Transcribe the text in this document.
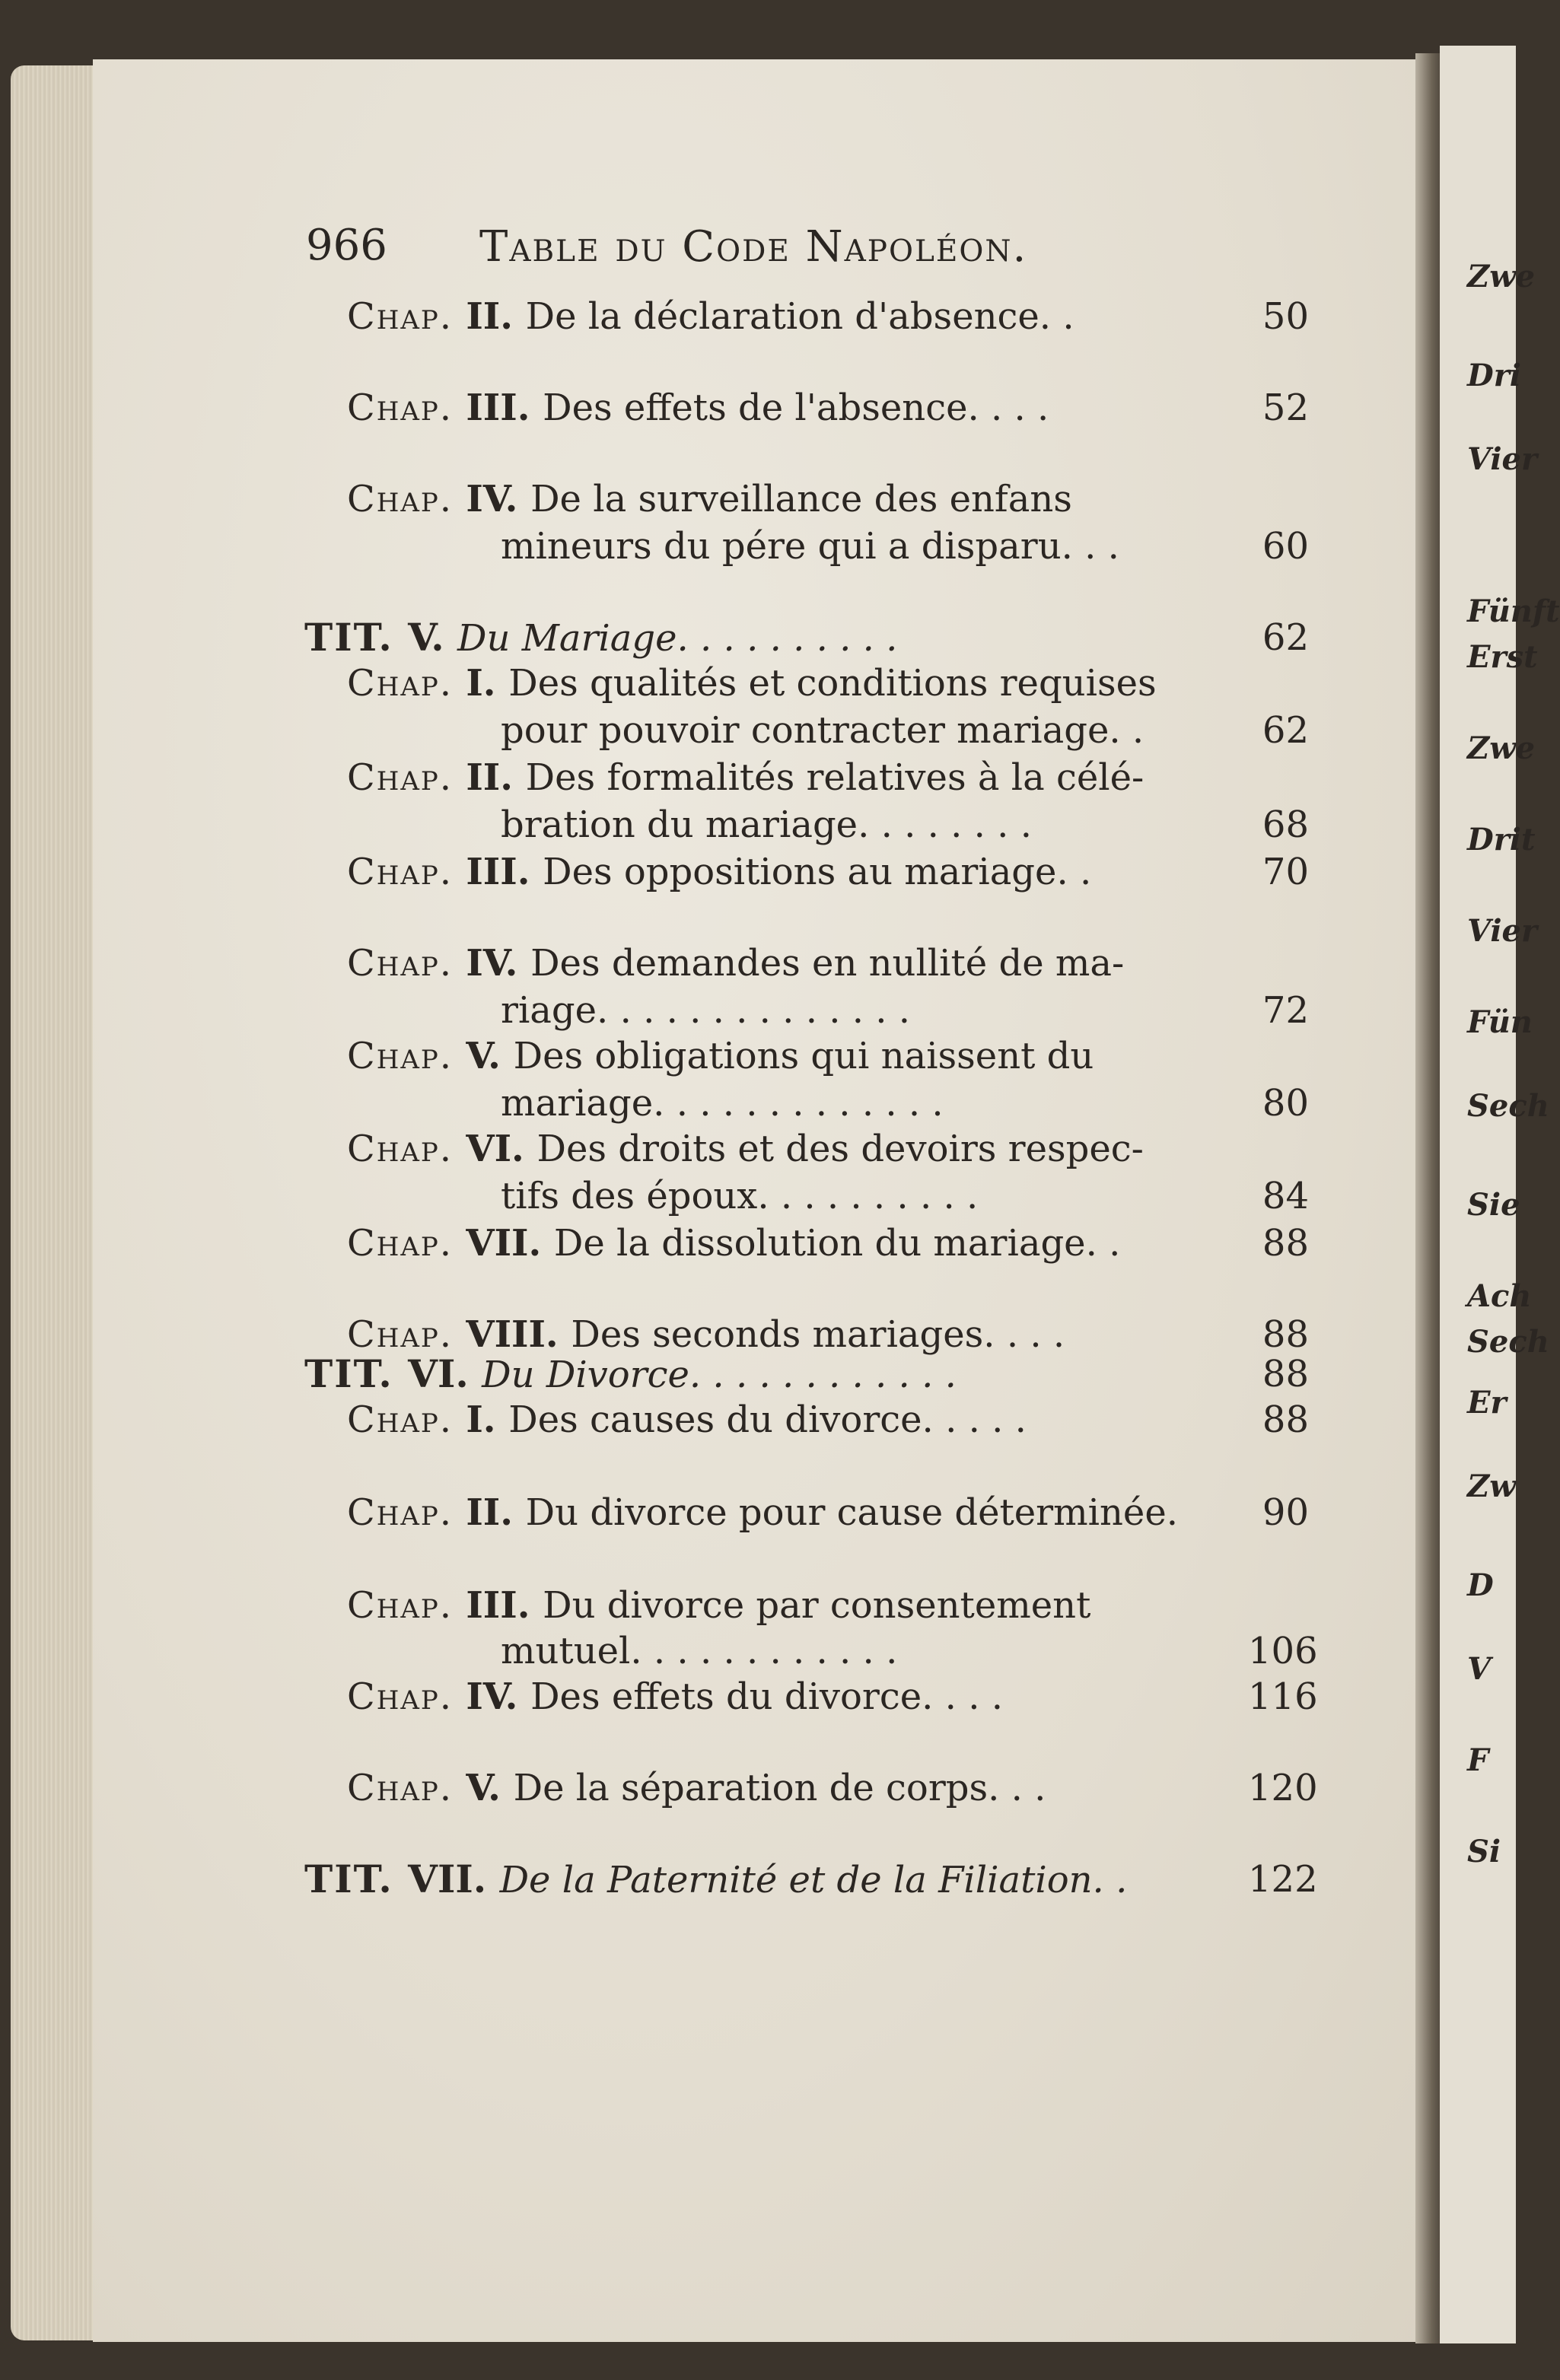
966 Table du Code Napoléon.
Chap. II. De la déclaration d'absence. .	50
Chap. III. Des effets de l'absence. . . .	52
Chap. IV. De la surveillance des enfans
mineurs du pére qui a disparu. . .	60
TIT. V. Du Mariage. . . . . . . . . .	62
Chap. I. Des qualités et conditions requises
pour pouvoir contracter mariage. .	62
Chap. II. Des formalités relatives à la célé-
bration du mariage. . . . . . . .	68
Chap. III. Des oppositions au mariage. .	70
Chap. IV. Des demandes en nullité de ma-
riage. . . . . . . . . . . . . .	72
Chap. V. Des obligations qui naissent du
mariage. . . . . . . . . . . . .	80
Chap. VI. Des droits et des devoirs respec-
tifs des époux. . . . . . . . . .	84
Chap. VII. De la dissolution du mariage. .	88
Chap. VIII. Des seconds mariages. . . .	88
TIT. VI. Du Divorce. . . . . . . . . . . .	88
Chap. I. Des causes du divorce. . . . .	88
Chap. II. Du divorce pour cause déterminée.	90
Chap. III. Du divorce par consentement
mutuel. . . . . . . . . . . .	106
Chap. IV. Des effets du divorce. . . .	116
Chap. V. De la séparation de corps. . .	120
TIT. VII. De la Paternité et de la Filiation. .	122
Zwe
Dri
Vier
Fünft
Erst
Zwe
Drit
Vier
Fün
Sech
Sie
Ach
Sech
Er
Zw
D
V
F
Si
